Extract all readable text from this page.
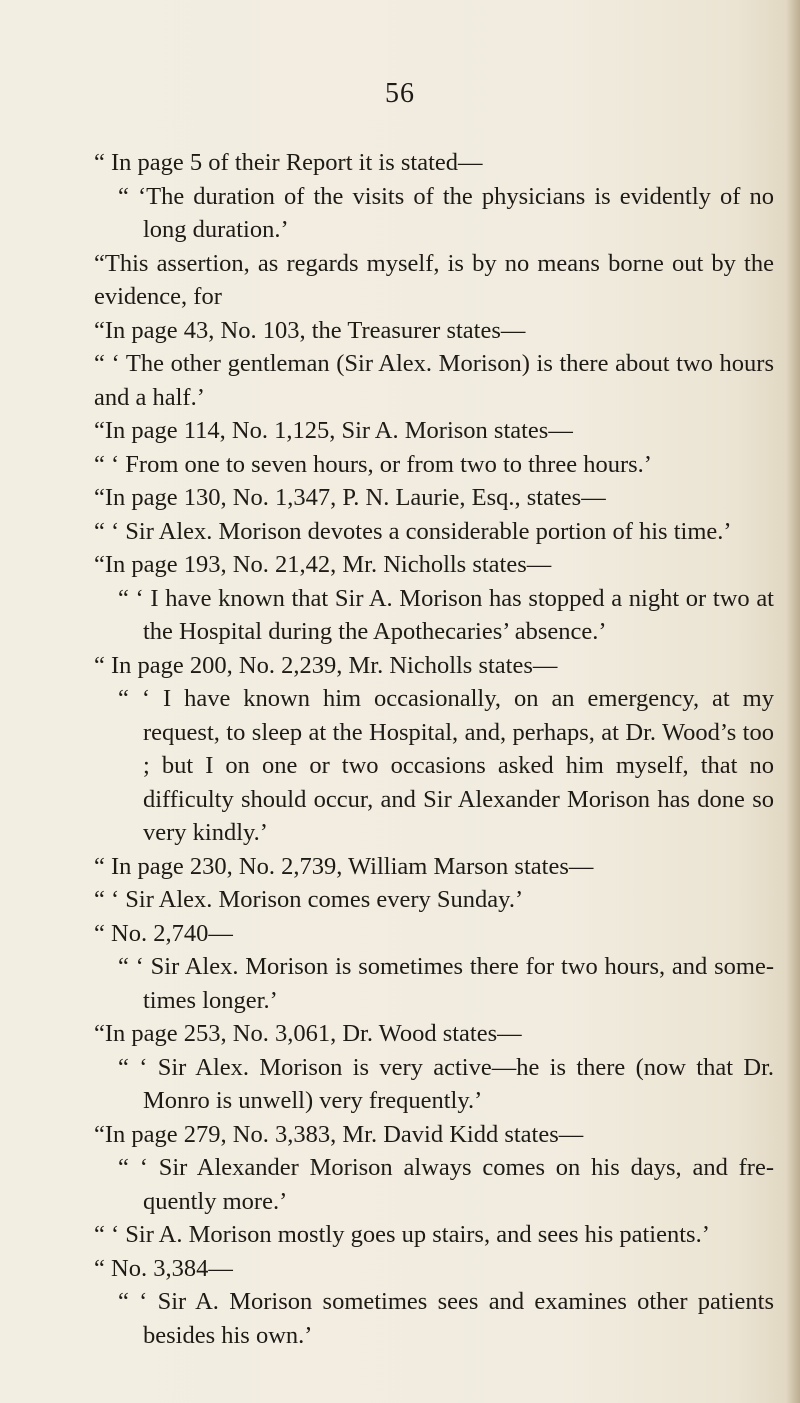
56

“ In page 5 of their Report it is stated—

“ ‘The duration of the visits of the physicians is evidently of no long duration.’

“This assertion, as regards myself, is by no means borne out by the evidence, for

“In page 43, No. 103, the Treasurer states—

“ ‘ The other gentleman (Sir Alex. Morison) is there about two hours and a half.’

“In page 114, No. 1,125, Sir A. Morison states—

“ ‘ From one to seven hours, or from two to three hours.’

“In page 130, No. 1,347, P. N. Laurie, Esq., states—

“ ‘ Sir Alex. Morison devotes a considerable portion of his time.’

“In page 193, No. 21,42, Mr. Nicholls states—

“ ‘ I have known that Sir A. Morison has stopped a night or two at the Hospital during the Apothecaries’ absence.’

“ In page 200, No. 2,239, Mr. Nicholls states—

“ ‘ I have known him occasionally, on an emergency, at my request, to sleep at the Hospital, and, perhaps, at Dr. Wood’s too ; but I on one or two occasions asked him myself, that no difficulty should occur, and Sir Alexander Morison has done so very kindly.’

“ In page 230, No. 2,739, William Marson states—

“ ‘ Sir Alex. Morison comes every Sunday.’

“ No. 2,740—

“ ‘ Sir Alex. Morison is sometimes there for two hours, and some- times longer.’

“In page 253, No. 3,061, Dr. Wood states—

“ ‘ Sir Alex. Morison is very active—he is there (now that Dr. Monro is unwell) very frequently.’

“In page 279, No. 3,383, Mr. David Kidd states—

“ ‘ Sir Alexander Morison always comes on his days, and fre- quently more.’

“ ‘ Sir A. Morison mostly goes up stairs, and sees his patients.’

“ No. 3,384—

“ ‘ Sir A. Morison sometimes sees and examines other patients besides his own.’
